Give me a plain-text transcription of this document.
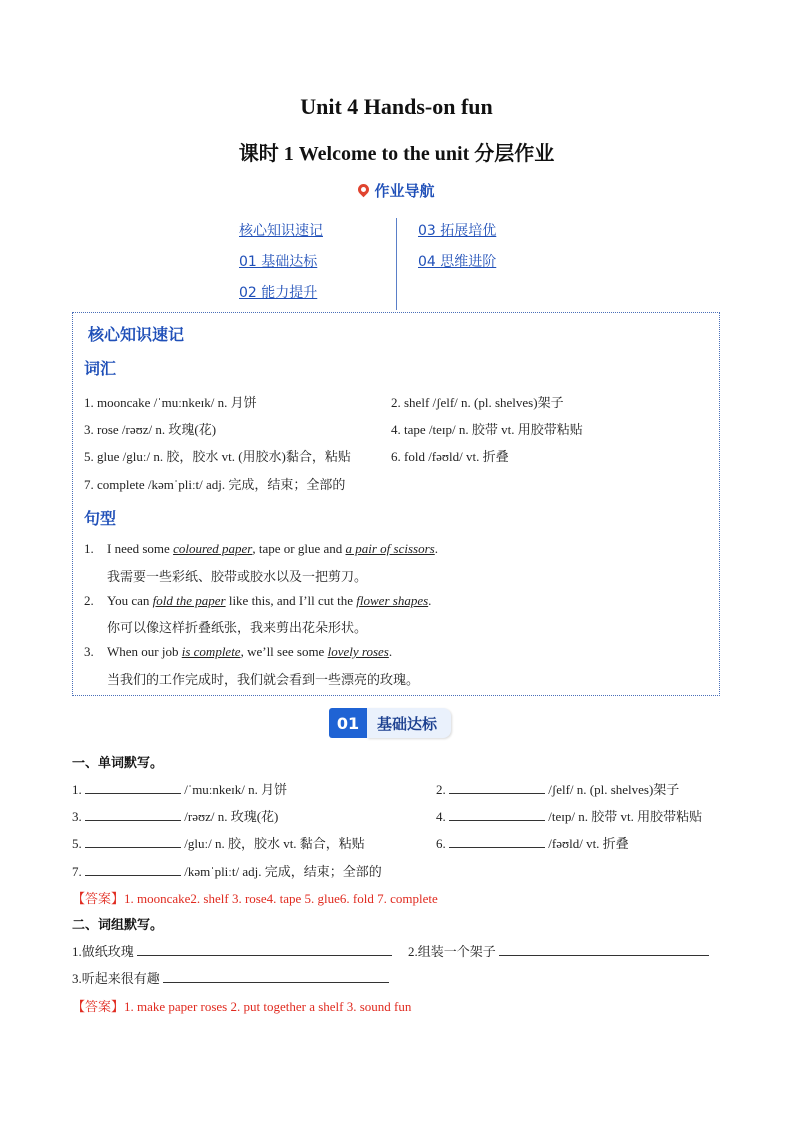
Unit 4 Hands-on fun
课时 1 Welcome to the unit 分层作业
作业导航
核心知识速记
01 基础达标
02 能力提升
03 拓展培优
04 思维进阶
核心知识速记
词汇
1. mooncake /ˈmuːnkeɪk/ n. 月饼	2. shelf /ʃelf/ n. (pl. shelves)架子
3. rose /rəʊz/ n. 玫瑰(花)	4. tape /teɪp/ n. 胶带 vt. 用胶带粘贴
5. glue /gluː/ n. 胶，胶水 vt. (用胶水)黏合，粘贴	6. fold /fəʊld/ vt. 折叠
7. complete /kəmˈpliːt/ adj. 完成，结束；全部的
句型
1. I need some coloured paper, tape or glue and a pair of scissors.
我需要一些彩纸、胶带或胶水以及一把剪刀。
2. You can fold the paper like this, and I’ll cut the flower shapes.
你可以像这样折叠纸张，我来剪出花朵形状。
3. When our job is complete, we’ll see some lovely roses.
当我们的工作完成时，我们就会看到一些漂亮的玫瑰。
01	基础达标
一、单词默写。
1.	/ˈmuːnkeɪk/ n. 月饼	2.	/ʃelf/ n. (pl. shelves)架子
3.	/rəʊz/ n. 玫瑰(花)	4.	/teɪp/ n. 胶带 vt. 用胶带粘贴
5.	/gluː/ n. 胶，胶水 vt. 黏合，粘贴	6.	/fəʊld/ vt. 折叠
7.	/kəmˈpliːt/ adj. 完成，结束；全部的
【答案】1. mooncake2. shelf 3. rose4. tape 5. glue6. fold 7. complete
二、词组默写。
1.做纸玫瑰	2.组装一个架子
3.听起来很有趣
【答案】1. make paper roses 2. put together a shelf 3. sound fun
